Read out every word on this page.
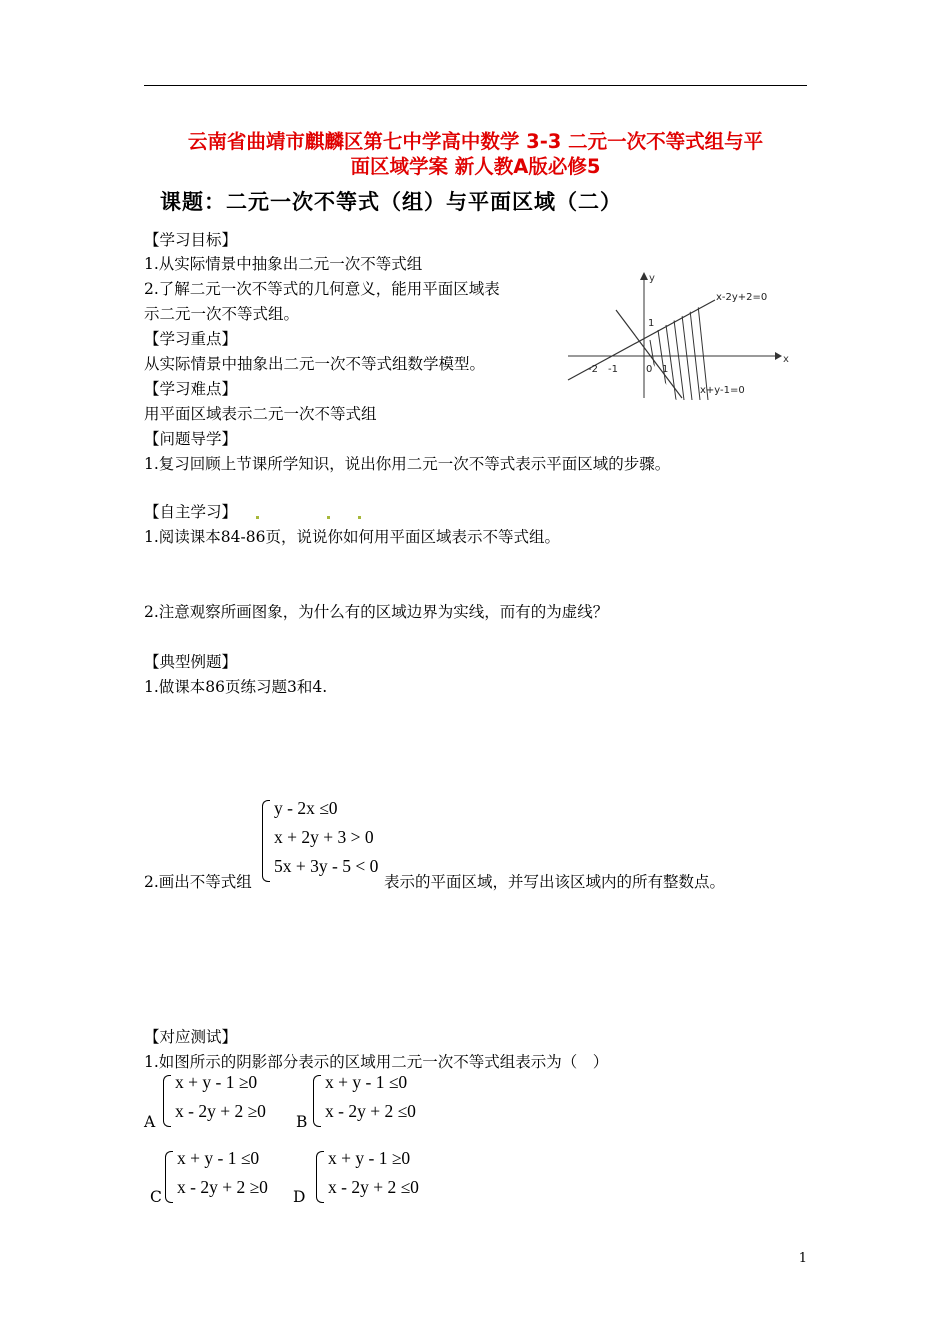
云南省曲靖市麒麟区第七中学高中数学 3-3 二元一次不等式组与平
面区域学案 新人教A版必修5
课题：二元一次不等式（组）与平面区域（二）
【学习目标】
1.从实际情景中抽象出二元一次不等式组
2.了解二元一次不等式的几何意义，能用平面区域表
示二元一次不等式组。
【学习重点】
从实际情景中抽象出二元一次不等式组数学模型。
【学习难点】
用平面区域表示二元一次不等式组
【问题导学】
1.复习回顾上节课所学知识，说出你用二元一次不等式表示平面区域的步骤。
【自主学习】
1.阅读课本84-86页，说说你如何用平面区域表示不等式组。
2.注意观察所画图象，为什么有的区域边界为实线，而有的为虚线？
【典型例题】
1.做课本86页练习题3和4.
2.画出不等式组
y - 2x ≤0
x + 2y + 3 > 0
5x + 3y - 5 < 0
表示的平面区域，并写出该区域内的所有整数点。
【对应测试】
1.如图所示的阴影部分表示的区域用二元一次不等式组表示为（　）
A
x + y - 1 ≥0
x - 2y + 2 ≥0
B
x + y - 1 ≤0
x - 2y + 2 ≤0
C
x + y - 1 ≤0
x - 2y + 2 ≥0 D
x + y - 1 ≥0
x - 2y + 2 ≤0
x
y
x-2y+2=0
x+y-1=0
-2 -1	0 1
1
1
